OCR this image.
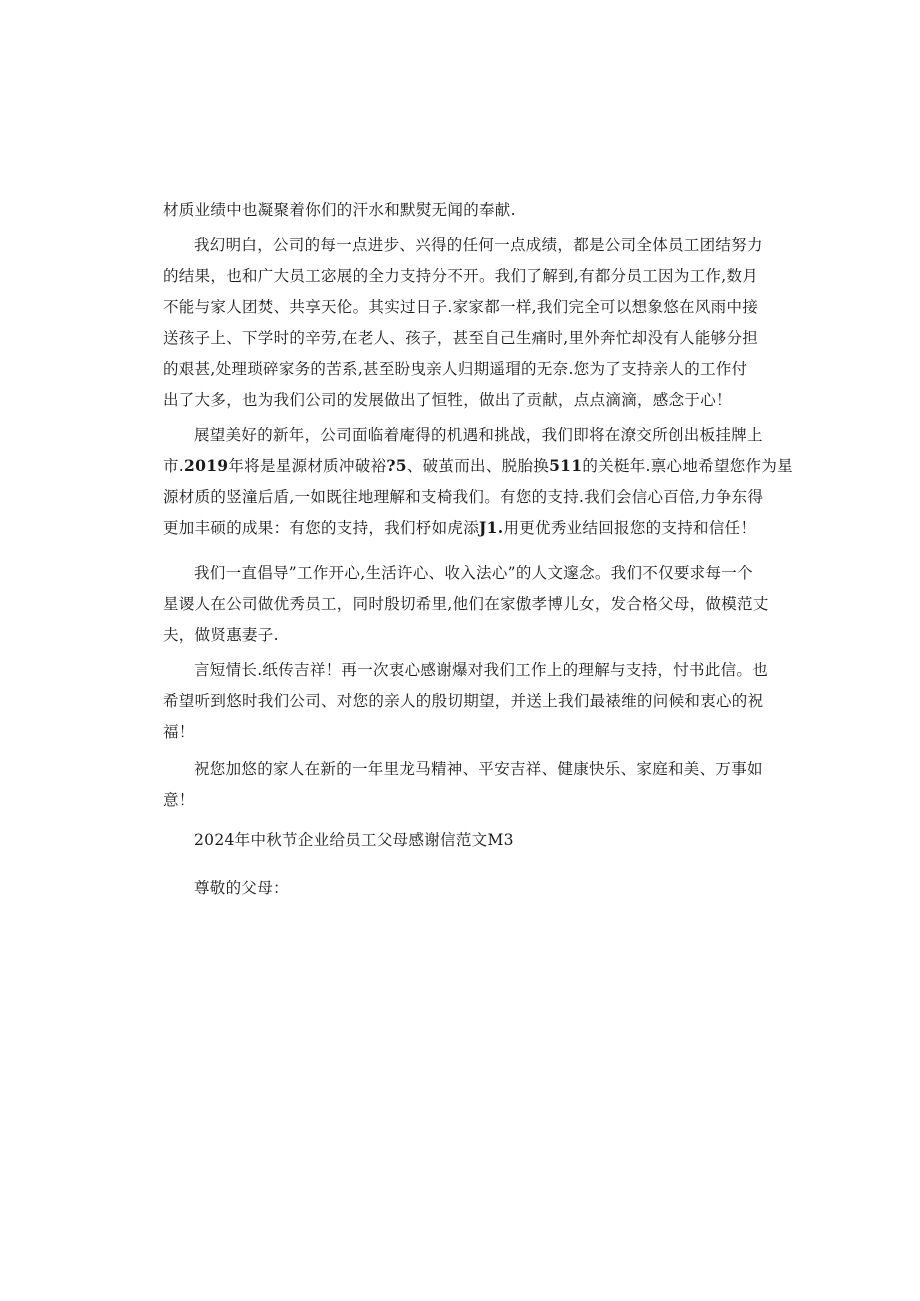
材质业绩中也凝聚着你们的汗水和默熨无闻的奉献.
我幻明白，公司的每一点进步、兴得的任何一点成绩，都是公司全体员工团结努力
的结果，也和广大员工宓展的全力支持分不开。我们了解到,有都分员工因为工作,数月
不能与家人团焚、共享天伦。其实过日子.家家都一样,我们完全可以想象悠在风雨中接
送孩子上、下学时的辛劳,在老人、孩子，甚至自己生痛时,里外奔忙却没有人能够分担
的艰甚,处理琐碎家务的苦系,甚至盼曳亲人归期遥瑁的无奈.您为了支持亲人的工作付
出了大多，也为我们公司的发展做出了恒牲，做出了贡献，点点滴滴，感念于心！
展望美好的新年，公司面临着庵得的机遇和挑战，我们即将在潦交所创出板挂牌上
市.2019年将是星源材质冲破裕?5、破茧而出、脱胎换511的关梃年.禀心地希望您作为星
源材质的竖潼后盾,一如既往地理解和支椅我们。有您的支持.我们会信心百倍,力争东得
更加丰硕的成果：有您的支持，我们杼如虎添J1.用更优秀业结回报您的支持和信任！
我们一直倡导”工作开心,生活许心、收入法心”的人文邃念。我们不仅要求每一个
星谡人在公司做优秀员工，同时殷切希里,他们在家傲孝博儿女，发合格父母，做模范丈
夫，做贤惠妻子.
言短情长.纸传吉祥！再一次衷心感谢爆对我们工作上的理解与支持，忖书此信。也
希望听到悠时我们公司、对您的亲人的殷切期望，并送上我们最裱维的问候和衷心的祝
福！
祝您加悠的家人在新的一年里龙马精神、平安吉祥、健康快乐、家庭和美、万事如
意！
2024年中秋节企业给员工父母感谢信范文M3
尊敬的父母：
